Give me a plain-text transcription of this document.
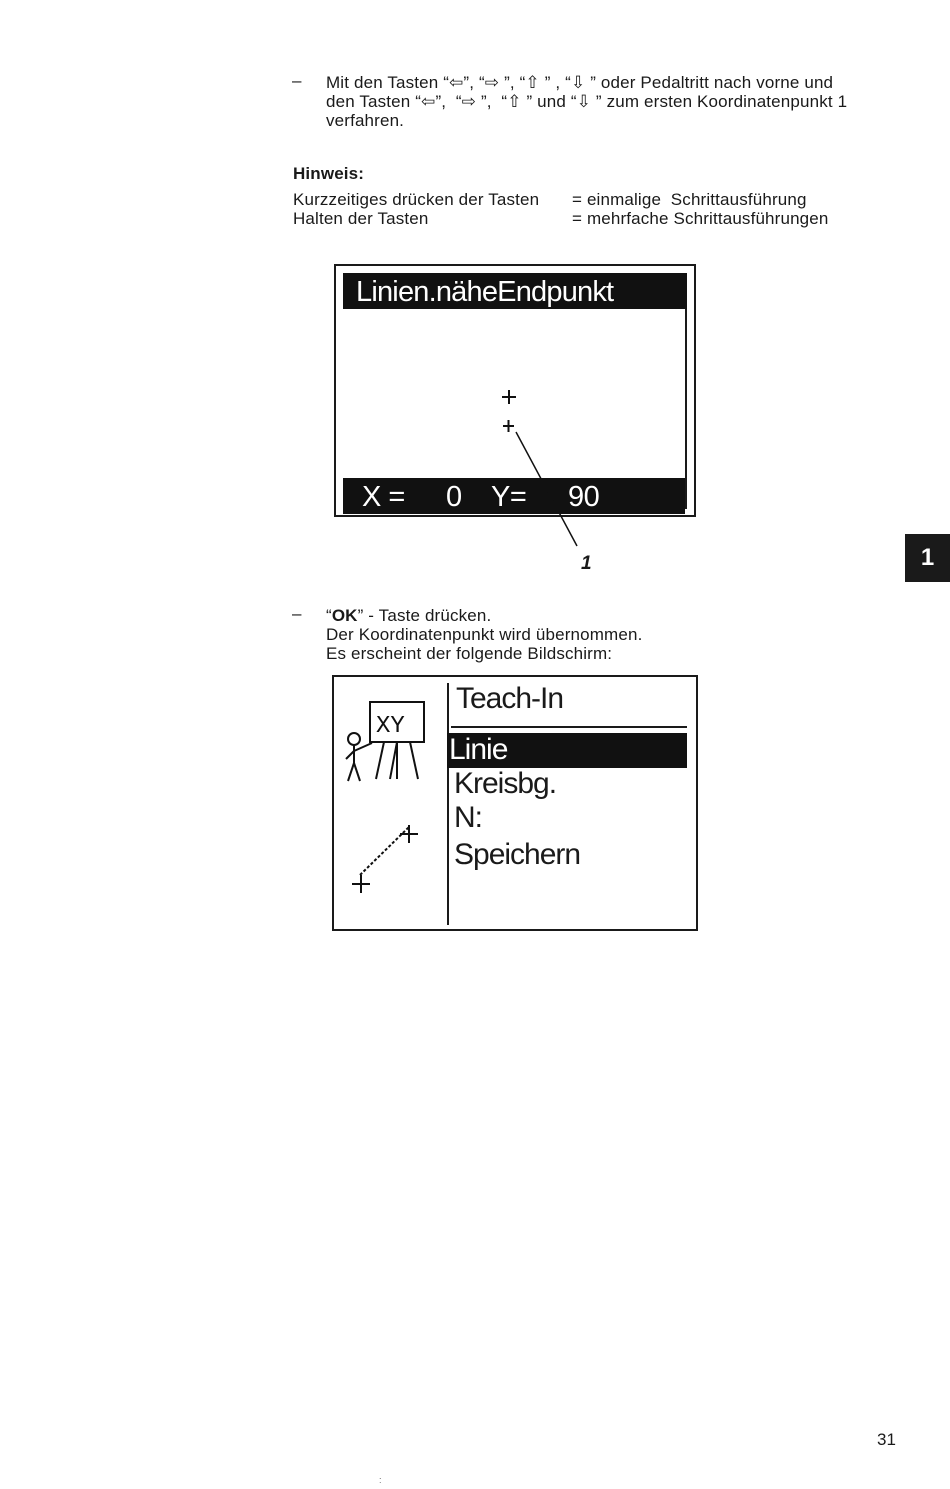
– Mit den Tasten “⇦”, “⇨ ”, “⇧ ” , “⇩ ” oder Pedaltritt nach vorne und
den Tasten “⇦”,  “⇨ ”,  “⇧ ” und “⇩ ” zum ersten Koordinatenpunkt 1
verfahren.
Hinweis:
Kurzzeitiges drücken der Tasten = einmalige  Schrittausführung
Halten der Tasten	= mehrfache Schrittausführungen
Linien.näheEndpunkt
X = 0 Y= 90
1	1
– “OK” - Taste drücken.
Der Koordinatenpunkt wird übernommen.
Es erscheint der folgende Bildschirm:
XY
Teach-In
Linie
Kreisbg.
N:
Speichern
31
:
